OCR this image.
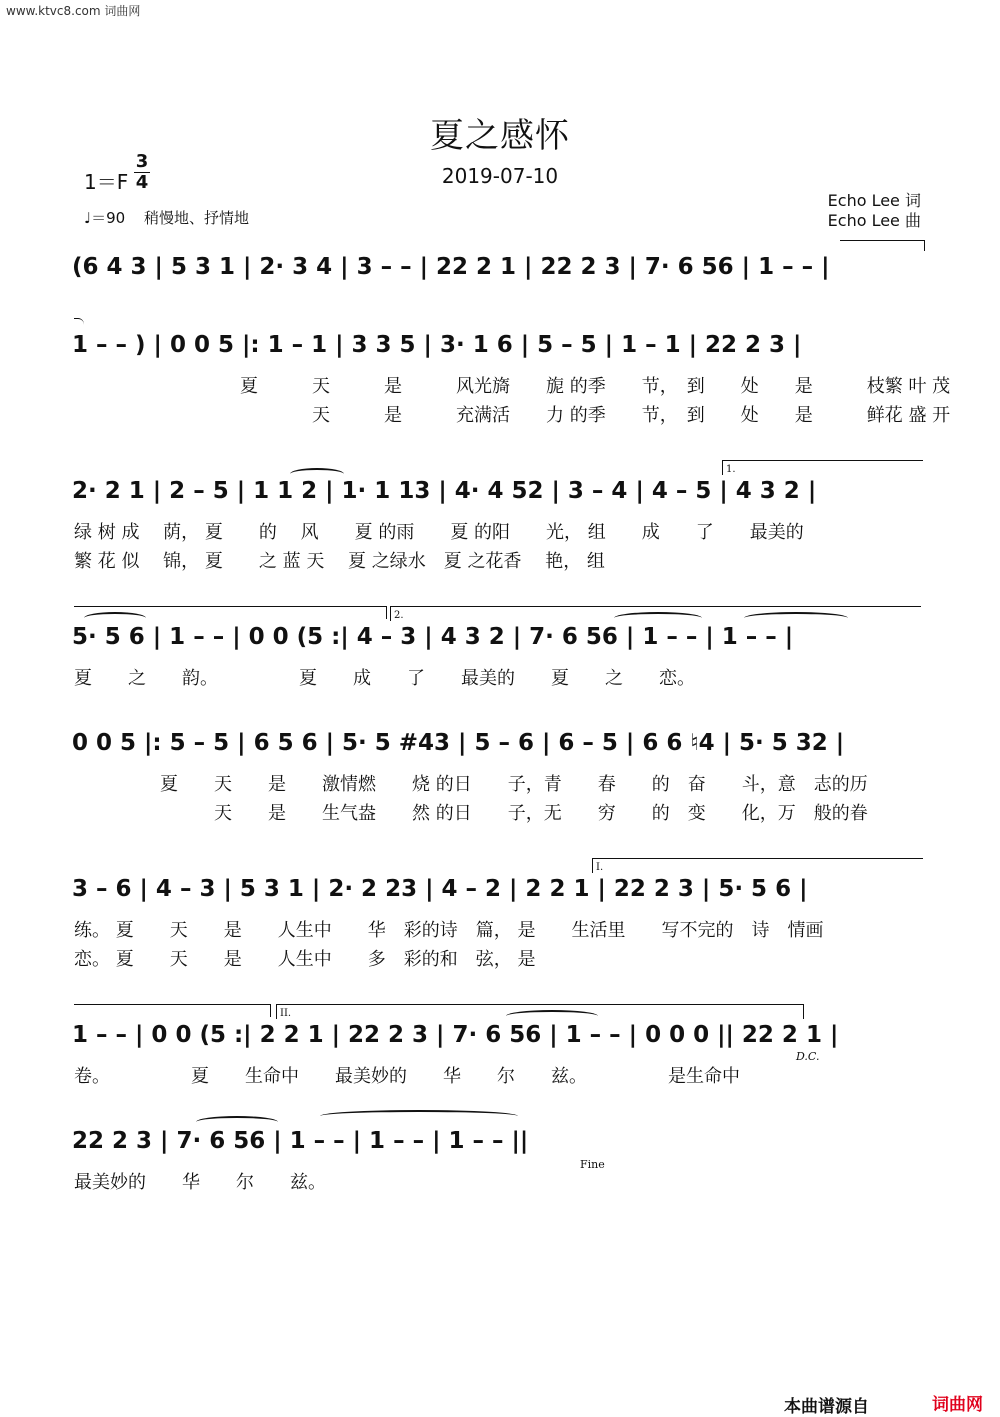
www.ktvc8.com 词曲网
夏之感怀
2019-07-10
1＝F
3
4
Echo Lee 词
Echo Lee 曲
♩＝90 稍慢地、抒情地
(6 4 3 | 5 3 1 | 2· 3 4 | 3 – – | 22 2 1 | 22 2 3 | 7· 6 56 | 1 – – |
1 – – ) | 0 0 5 |: 1 – 1 | 3 3 5 | 3· 1 6 | 5 – 5 | 1 – 1 | 22 2 3 |
夏　　　天　　　是　　　风光旖　　旎 的季　　节，　到　　处　　是　　　枝繁 叶 茂
　　　　天　　　是　　　充满活　　力 的季　　节，　到　　处　　是　　　鲜花 盛 开
1.
2· 2 1 | 2 – 5 | 1 1 2 | 1· 1 13 | 4· 4 52 | 3 – 4 | 4 – 5 | 4 3 2 |
绿 树 成　 荫， 夏　　的　 风　　夏 的雨　　夏 的阳　　光， 组　　成　　了　　最美的
繁 花 似　 锦， 夏　　之 蓝 天　 夏 之绿水　夏 之花香　 艳， 组
2.
5· 5 6 | 1 – – | 0 0 (5 :| 4 – 3 | 4 3 2 | 7· 6 56 | 1 – – | 1 – – |
夏　　之　　韵。　　　　　夏　　成　　了　　最美的　　夏　　之　　恋。
0 0 5 |: 5 – 5 | 6 5 6 | 5· 5 #43 | 5 – 6 | 6 – 5 | 6 6 ♮4 | 5· 5 32 |
　　夏　　天　　是　　激情燃　　烧 的日　　子，青　　春　　的　奋　　斗，意　志的历
　　　　　天　　是　　生气盎　　然 的日　　子，无　　穷　　的　变　　化，万　般的眷
I.
3 – 6 | 4 – 3 | 5 3 1 | 2· 2 23 | 4 – 2 | 2 2 1 | 22 2 3 | 5· 5 6 |
练。 夏　　天　　是　　人生中　　华　彩的诗　篇， 是　　生活里　　写不完的　诗　情画
恋。 夏　　天　　是　　人生中　　多　彩的和　弦， 是
II.
1 – – | 0 0 (5 :| 2 2 1 | 22 2 3 | 7· 6 56 | 1 – – | 0 0 0 || 22 2 1 |
D.C.
卷。　　　　　夏　　生命中　　最美妙的　　华　　尔　　兹。　　　　　是生命中
22 2 3 | 7· 6 56 | 1 – – | 1 – – | 1 – – ||
Fine
最美妙的　　华　　尔　　兹。
本曲谱源自	词曲网
